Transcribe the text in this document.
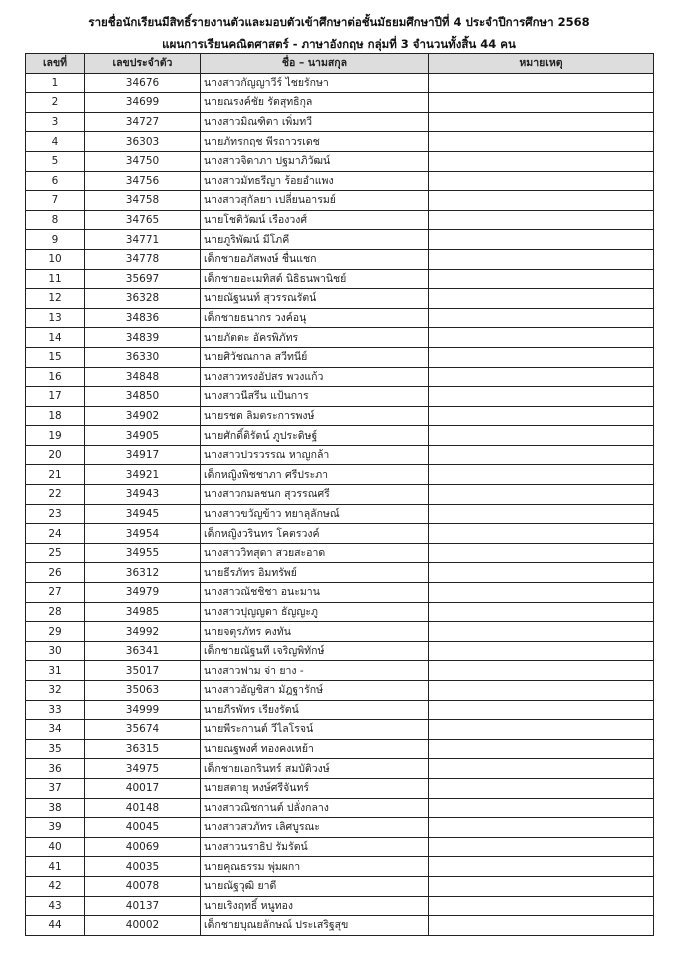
รายชื่อนักเรียนมีสิทธิ์รายงานตัวและมอบตัวเข้าศึกษาต่อชั้นมัธยมศึกษาปีที่ 4 ประจำปีการศึกษา 2568
แผนการเรียนคณิตศาสตร์ - ภาษาอังกฤษ กลุ่มที่ 3 จำนวนทั้งสิ้น 44 คน
เลขที่	เลขประจำตัว	ชื่อ – นามสกุล	หมายเหตุ
1	34676	นางสาวกัญญาวีร์ ไชยรักษา	
2	34699	นายณรงค์ชัย รัตสุทธิกุล	
3	34727	นางสาวมิณฑิตา เพิ่มทวี	
4	36303	นายภัทรกฤช พีรถาวรเดช	
5	34750	นางสาวจิดาภา ปฐมาภิวัฒน์	
6	34756	นางสาวมัทธรีญา ร้อยอำแพง	
7	34758	นางสาวสุกัลยา เปลี่ยนอารมย์	
8	34765	นายโชติวัฒน์ เรืองวงศ์	
9	34771	นายภูริพัฒน์ มีโภคี	
10	34778	เด็กชายอภัสพงษ์ ชื่นแชก	
11	35697	เด็กชายอะเมทิสต์ นิธิธนพานิชย์	
12	36328	นายณัฐนนท์ สุวรรณรัตน์	
13	34836	เด็กชายธนากร วงค์อนุ	
14	34839	นายภัตตะ อัครพิภัทร	
15	36330	นายศิวัชณกาล สวีทนีย์	
16	34848	นางสาวทรงอัปสร พวงแก้ว	
17	34850	นางสาวนีสรีน แป้นการ	
18	34902	นายรชต ลิมตระการพงษ์	
19	34905	นายศักดิ์ติรัตน์ ภูประดิษฐ์	
20	34917	นางสาวปวรวรรณ หาญกล้า	
21	34921	เด็กหญิงพิชชาภา ศรีประภา	
22	34943	นางสาวกมลชนก สุวรรณศรี	
23	34945	นางสาวขวัญข้าว ทยาลุลักษณ์	
24	34954	เด็กหญิงวรินทร โคตรวงค์	
25	34955	นางสาววิทสุดา สวยสะอาด	
26	36312	นายธีรภัทร อิมทรัพย์	
27	34979	นางสาวณัชชิชา อนะมาน	
28	34985	นางสาวปุญญดา ธัญญะภู	
29	34992	นายจตุรภัทร คงทัน	
30	36341	เด็กชายณัฐนที เจริญพิทักษ์	
31	35017	นางสาวฟาม จ่า ยาง -	
32	35063	นางสาวอัญชิสา มัฎฐารักษ์	
33	34999	นายภีรพัทร เรียงรัตน์	
34	35674	นายพีระกานต์ วีไลโรจน์	
35	36315	นายณฐพงศ์ ทองคงเหย้า	
36	34975	เด็กชายเอกรินทร์ สมบัติวงษ์	
37	40017	นายสตายุ หงษ์ศรีจันทร์	
38	40148	นางสาวณิชกานต์ ปลั่งกลาง	
39	40045	นางสาวสวภัทร เลิศบูรณะ	
40	40069	นางสาวนราธิป รัมรัตน์	
41	40035	นายคุณธรรม พุ่มผกา	
42	40078	นายณัฐวุฒิ ยาดี	
43	40137	นายเริงฤทธิ์ หนูทอง	
44	40002	เด็กชายบุณยลักษณ์ ประเสริฐสุข	
